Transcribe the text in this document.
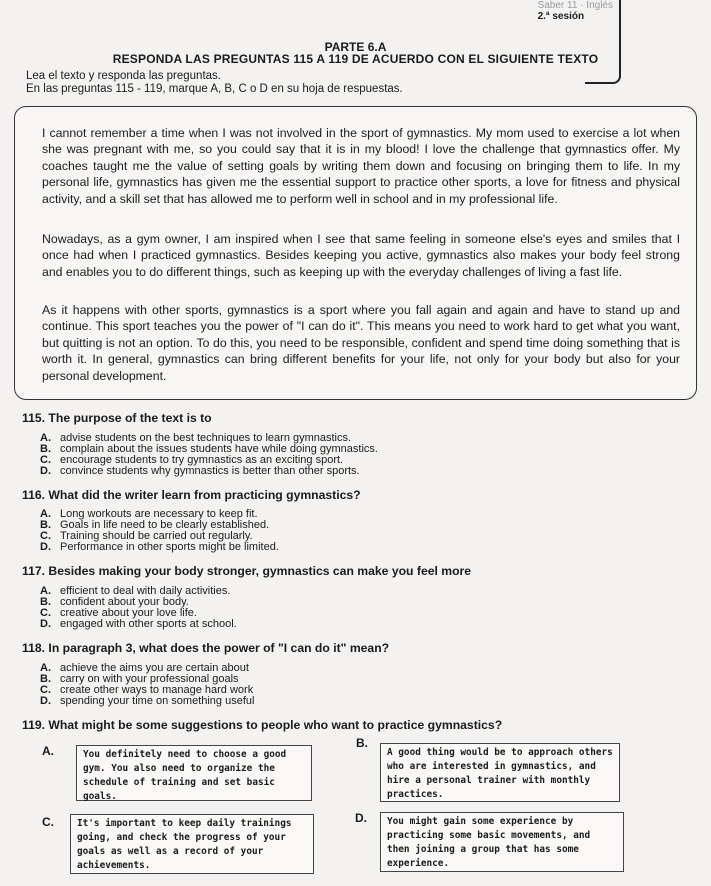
Saber 11 · Inglés
2.ª sesión
PARTE 6.A
RESPONDA LAS PREGUNTAS 115 A 119 DE ACUERDO CON EL SIGUIENTE TEXTO
Lea el texto y responda las preguntas.
En las preguntas 115 - 119, marque A, B, C o D en su hoja de respuestas.
I cannot remember a time when I was not involved in the sport of gymnastics. My mom used to exercise a lot when she was pregnant with me, so you could say that it is in my blood! I love the challenge that gymnastics offer. My coaches taught me the value of setting goals by writing them down and focusing on bringing them to life. In my personal life, gymnastics has given me the essential support to practice other sports, a love for fitness and physical activity, and a skill set that has allowed me to perform well in school and in my professional life.
Nowadays, as a gym owner, I am inspired when I see that same feeling in someone else's eyes and smiles that I once had when I practiced gymnastics. Besides keeping you active, gymnastics also makes your body feel strong and enables you to do different things, such as keeping up with the everyday challenges of living a fast life.
As it happens with other sports, gymnastics is a sport where you fall again and again and have to stand up and continue. This sport teaches you the power of "I can do it". This means you need to work hard to get what you want, but quitting is not an option. To do this, you need to be responsible, confident and spend time doing something that is worth it. In general, gymnastics can bring different benefits for your life, not only for your body but also for your personal development.
115. The purpose of the text is to
A. advise students on the best techniques to learn gymnastics.
B. complain about the issues students have while doing gymnastics.
C. encourage students to try gymnastics as an exciting sport.
D. convince students why gymnastics is better than other sports.
116. What did the writer learn from practicing gymnastics?
A. Long workouts are necessary to keep fit.
B. Goals in life need to be clearly established.
C. Training should be carried out regularly.
D. Performance in other sports might be limited.
117. Besides making your body stronger, gymnastics can make you feel more
A. efficient to deal with daily activities.
B. confident about your body.
C. creative about your love life.
D. engaged with other sports at school.
118. In paragraph 3, what does the power of "I can do it" mean?
A. achieve the aims you are certain about
B. carry on with your professional goals
C. create other ways to manage hard work
D. spending your time on something useful
119. What might be some suggestions to people who want to practice gymnastics?
A.	You definitely need to choose a good gym. You also need to organize the schedule of training and set basic goals.
B.
A good thing would be to approach others who are interested in gymnastics, and hire a personal trainer with monthly practices.
C.	It's important to keep daily trainings going, and check the progress of your goals as well as a record of your achievements.
D.	You might gain some experience by practicing some basic movements, and then joining a group that has some experience.
